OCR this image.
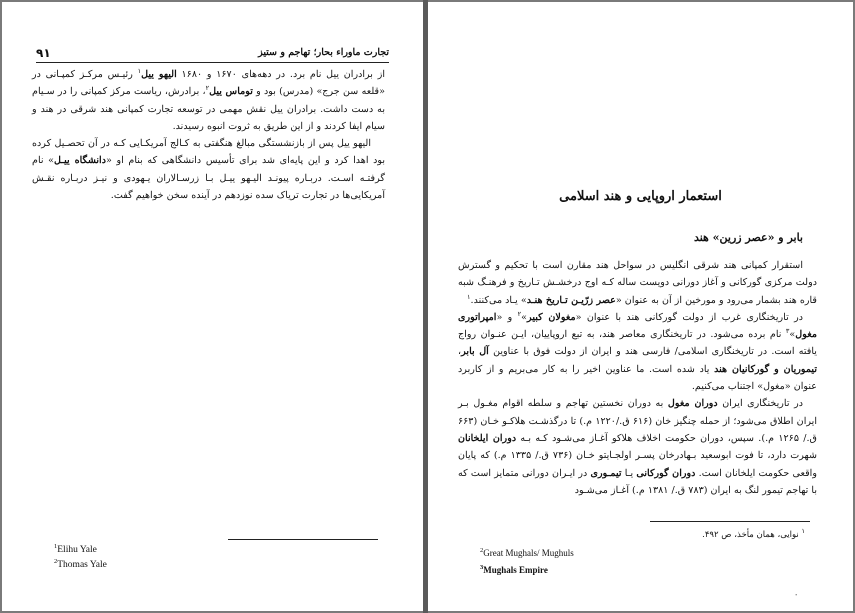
۹۱	تجارت ماوراء بحار؛ تهاجم و ستیز

از برادران ییل نام برد. در دهه‌های ۱۶۷۰ و ۱۶۸۰ الیهو ییل$^۱$ رئیـس مرکـز کمپـانی در «قلعه سن جرج» (مدرس) بود و توماس ییل$^۲$، برادرش، ریاست مرکز کمپانی را در سـیام به دست داشت. برادران ییل نقش مهمی در توسعه تجارت کمپانی هند شرقی در هند و سیام ایفا کردند و از این طریق به ثروت انبوه رسیدند.

الیهو ییل پس از بازنشستگی مبالغ هنگفتی به کـالج آمریکـایی کـه در آن تحصـیل کرده بود اهدا کرد و این پایه‌ای شد برای تأسیس دانشگاهی که بنام او «دانشگاه ییـل» نام گرفتـه اسـت. دربـاره پیونـد الیـهو ییـل بـا زرسـالاران یـهودی و نیـز دربـاره نقـش آمریکایی‌ها در تجارت تریاک سده نوزدهم در آینده سخن خواهیم گفت.

$^1$Elihu Yale
$^2$Thomas Yale
استعمار اروپایی و هند اسلامی
بابر و «عصر زرین» هند

استقرار کمپانی هند شرقی انگلیس در سواحل هند مقارن است با تحکیم و گسترش دولت مرکزی گورکانی و آغاز دورانی دویست ساله کـه اوج درخشـش تـاریخ و فرهنـگ شبه قاره هند بشمار می‌رود و مورخین از آن به عنوان «عصر زرّیـن تـاریخ هنـد» یـاد می‌کنند.$^۱$

در تاریخنگاری غرب از دولت گورکانی هند با عنوان «مغولان کبیر»$^۲$ و «امپراتوری مغول»$^۳$ نام برده می‌شود. در تاریخنگاری معاصر هند، به تبع اروپاییان، ایـن عنـوان رواج یافته است. در تاریخنگاری اسلامی/ فارسی هند و ایران از دولت فوق با عناوین آل بابر، تیموریان و گورکانیان هند یاد شده است. ما عناوین اخیر را به کار می‌بریم و از کاربرد عنوان «مغول» اجتناب می‌کنیم.

در تاریخنگاری ایران دوران مغول به دوران نخستین تهاجم و سلطه اقوام مغـول بـر ایران اطلاق می‌شود؛ از حمله چنگیز خان (۶۱۶ ق./۱۲۲۰ م.) تا درگذشـت هلاکـو خـان (۶۶۳ ق./ ۱۲۶۵ م.). سپس، دوران حکومت اخلاف هلاکو آغـاز می‌شـود کـه بـه دوران ایلخانان شهرت دارد، تا فوت ابوسعید بـهادرخان پسـر اولجـایتو خـان (۷۳۶ ق./ ۱۳۳۵ م.) که پایان واقعی حکومت ایلخانان است. دوران گورکانی یـا تیمـوری در ایـران دورانی متمایز است که با تهاجم تیمور لنگ به ایران (۷۸۳ ق./ ۱۳۸۱ م.) آغـاز می‌شـود

$^۱$ نوایی، همان مأخذ، ص ۴۹۲.
$^2$Great Mughals/ Mughuls
$^3$Mughals Empire
٠
